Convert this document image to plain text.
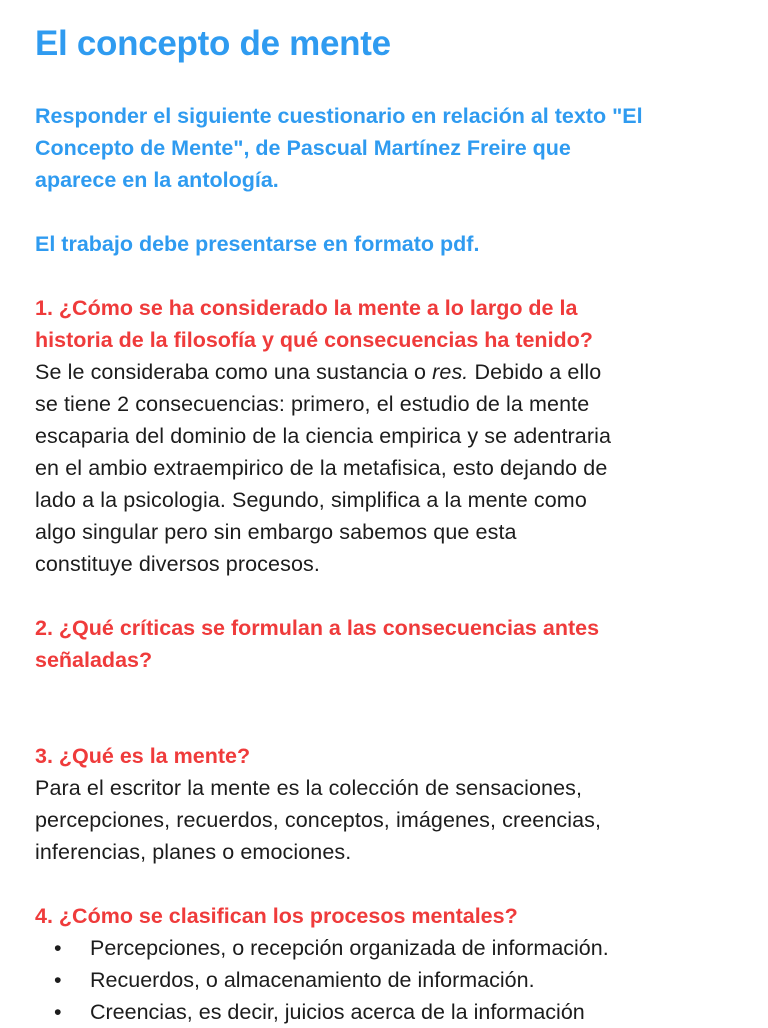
El concepto de mente

Responder el siguiente cuestionario en relación al texto "El
Concepto de Mente", de Pascual Martínez Freire que
aparece en la antología.

El trabajo debe presentarse en formato pdf.

1. ¿Cómo se ha considerado la mente a lo largo de la
historia de la filosofía y qué consecuencias ha tenido?

Se le consideraba como una sustancia o res. Debido a ello
se tiene 2 consecuencias: primero, el estudio de la mente
escaparia del dominio de la ciencia empirica y se adentraria
en el ambio extraempirico de la metafisica, esto dejando de
lado a la psicologia. Segundo, simplifica a la mente como
algo singular pero sin embargo sabemos que esta
constituye diversos procesos.

2. ¿Qué críticas se formulan a las consecuencias antes
señaladas?

3. ¿Qué es la mente?

Para el escritor la mente es la colección de sensaciones,
percepciones, recuerdos, conceptos, imágenes, creencias,
inferencias, planes o emociones.

4. ¿Cómo se clasifican los procesos mentales?

• Percepciones, o recepción organizada de información.
• Recuerdos, o almacenamiento de información.
• Creencias, es decir, juicios acerca de la información
